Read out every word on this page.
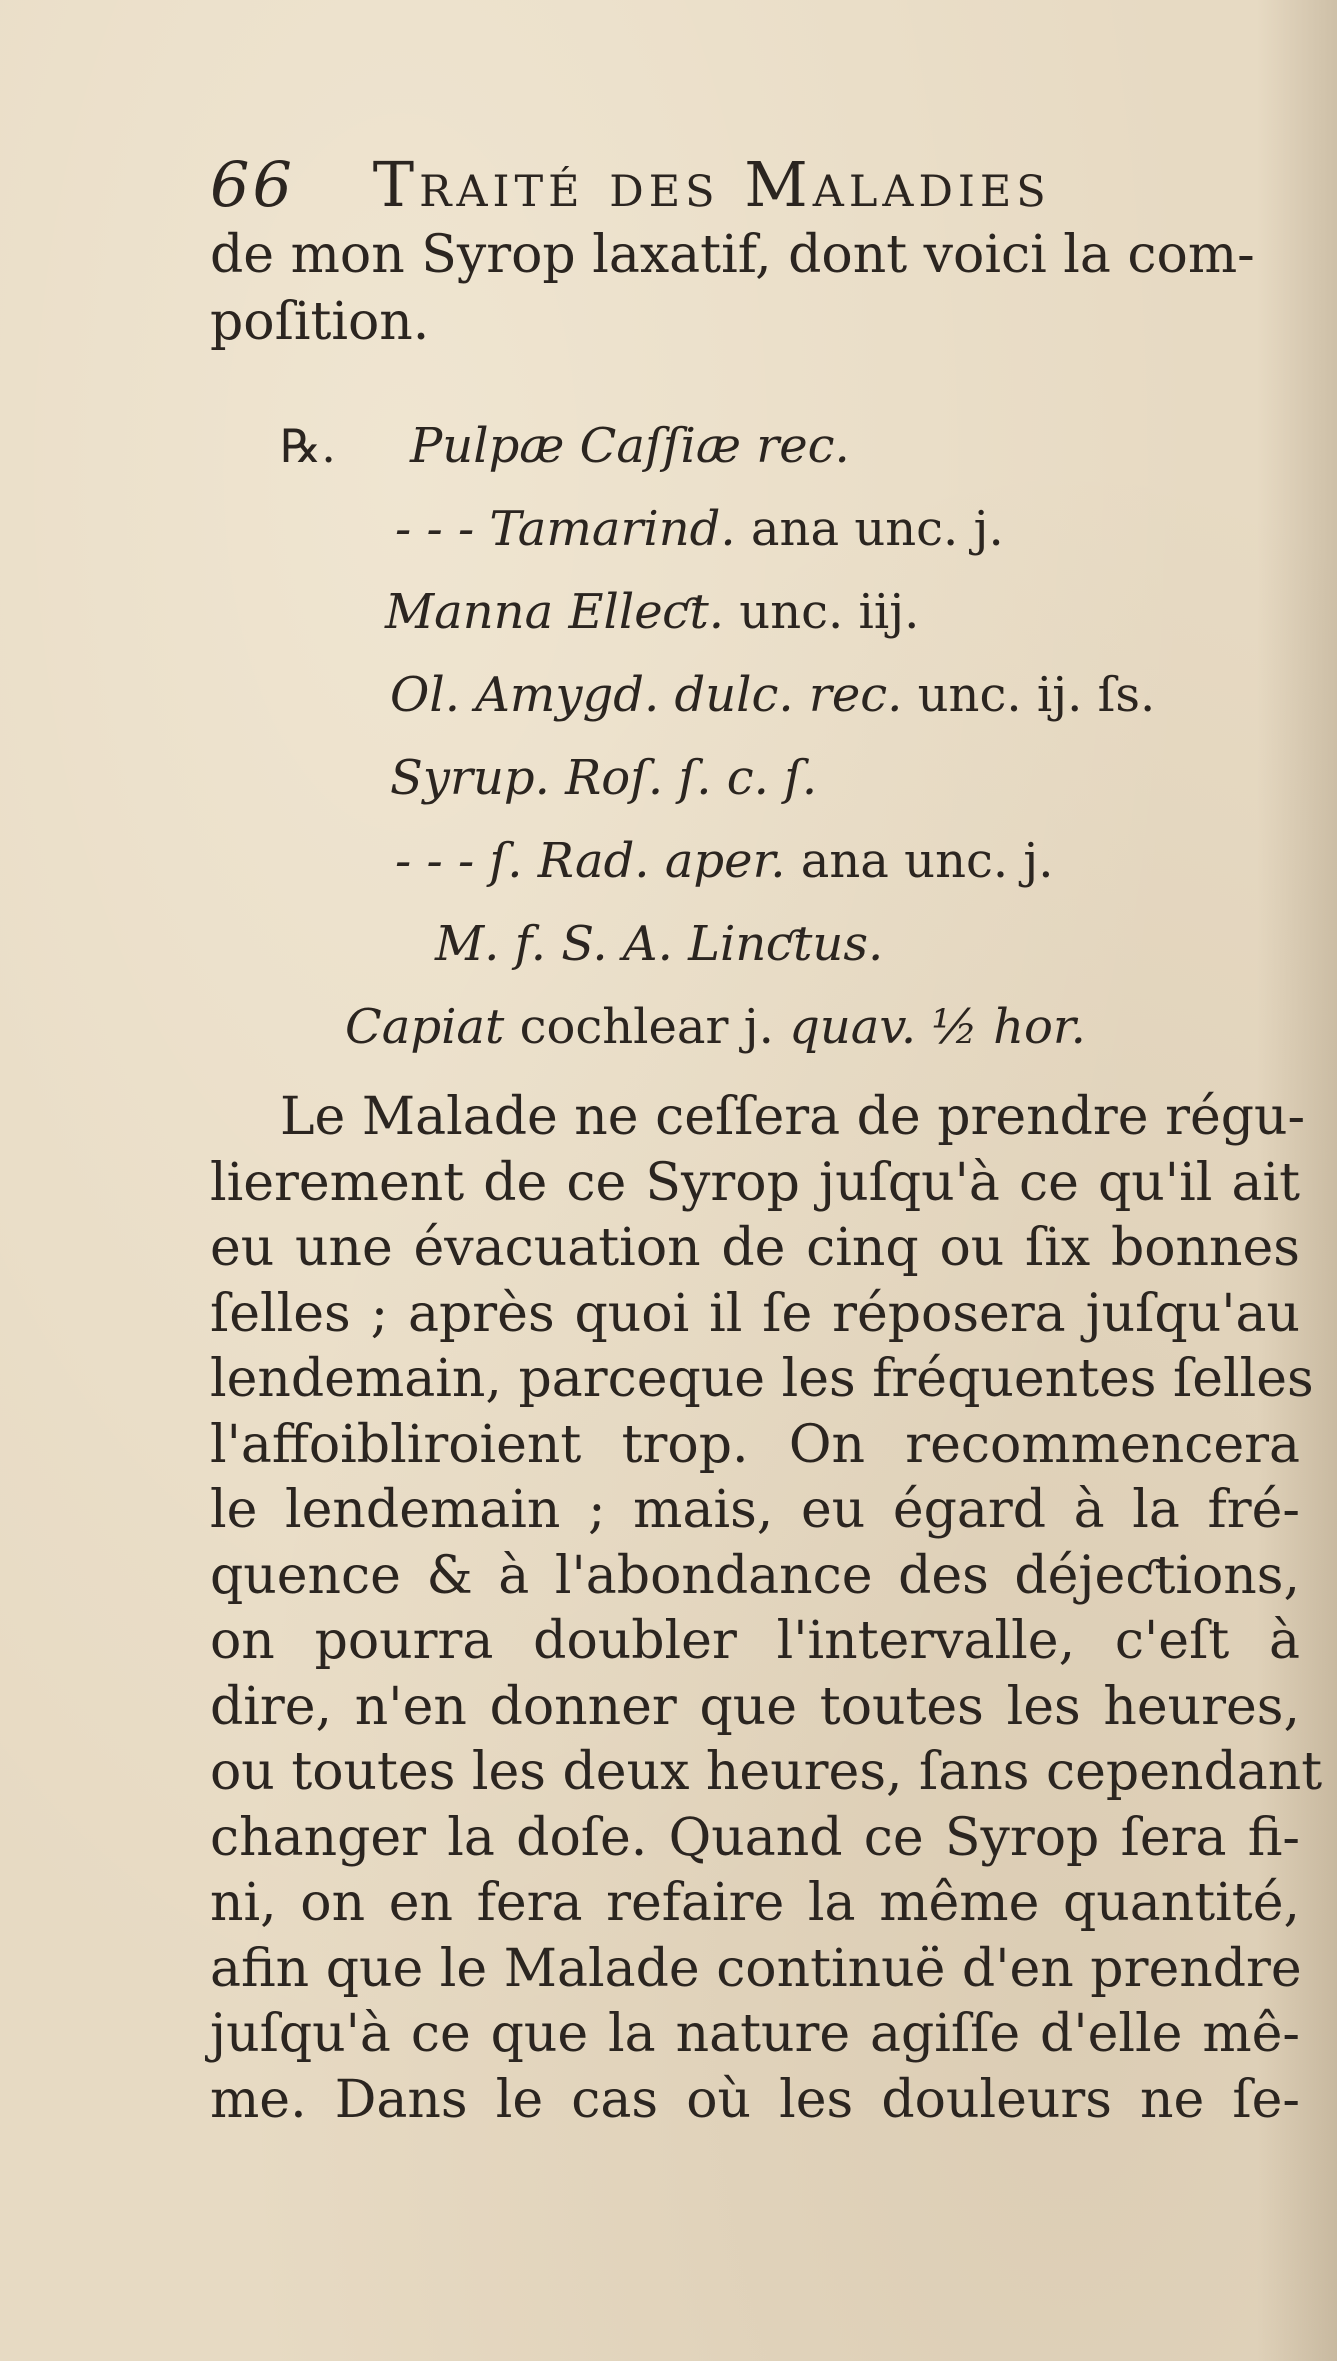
66 Traité des Maladies

de mon Syrop laxatif, dont voici la com-

poſition.

℞. Pulpæ Caſſiæ rec.
- - - Tamarind. ana unc. j.
Manna Elleƈt. unc. iij.
Ol. Amygd. dulc. rec. unc. ij. ſs.
Syrup. Roſ. ſ. c. ſ.
- - - ſ. Rad. aper. ana unc. j.
M. f. S. A. Linƈtus.
Capiat cochlear j. quav. ½ hor.

Le Malade ne ceſſera de prendre régu-

lierement de ce Syrop juſqu'à ce qu'il ait

eu une évacuation de cinq ou ſix bonnes

ſelles ; après quoi il ſe réposera juſqu'au

lendemain, parceque les fréquentes ſelles

l'affoibliroient trop. On recommencera

le lendemain ; mais, eu égard à la fré-

quence & à l'abondance des déjeƈtions,

on pourra doubler l'intervalle, c'eſt à

dire, n'en donner que toutes les heures,

ou toutes les deux heures, ſans cependant

changer la doſe. Quand ce Syrop ſera fi-

ni, on en fera refaire la même quantité,

afin que le Malade continuë d'en prendre

juſqu'à ce que la nature agiſſe d'elle mê-

me. Dans le cas où les douleurs ne ſe-
